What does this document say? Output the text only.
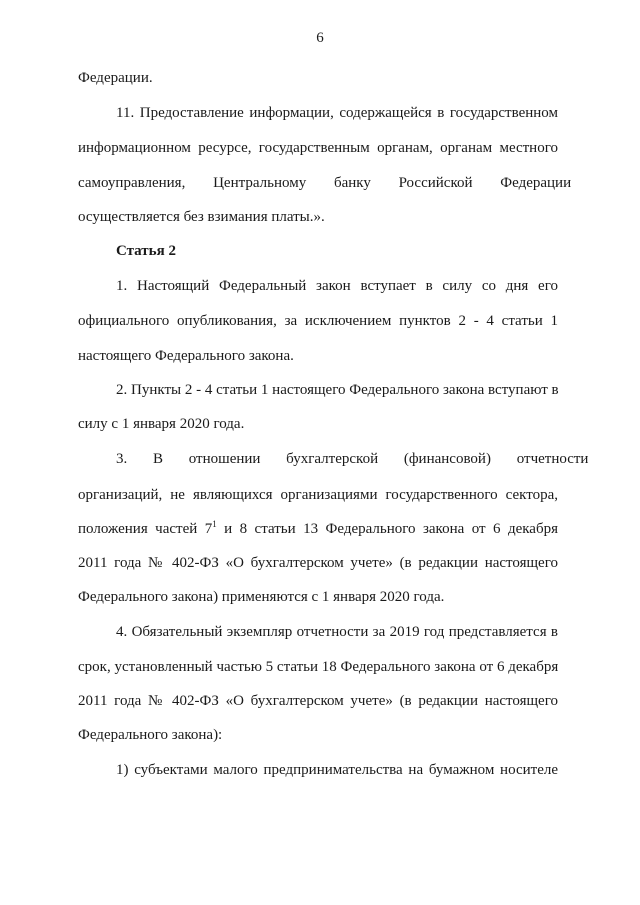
6
Федерации.
11. Предоставление информации, содержащейся в государственном
информационном ресурсе, государственным органам, органам местного
самоуправления, Центральному банку Российской Федерации
осуществляется без взимания платы.».
Статья 2
1. Настоящий Федеральный закон вступает в силу со дня его
официального опубликования, за исключением пунктов 2 - 4 статьи 1
настоящего Федерального закона.
2. Пункты 2 - 4 статьи 1 настоящего Федерального закона вступают в
силу с 1 января 2020 года.
3. В отношении бухгалтерской (финансовой) отчетности
организаций, не являющихся организациями государственного сектора,
положения частей $7^1$ и 8 статьи 13 Федерального закона от 6 декабря
2011 года № 402-ФЗ «О бухгалтерском учете» (в редакции настоящего
Федерального закона) применяются с 1 января 2020 года.
4. Обязательный экземпляр отчетности за 2019 год представляется в
срок, установленный частью 5 статьи 18 Федерального закона от 6 декабря
2011 года № 402-ФЗ «О бухгалтерском учете» (в редакции настоящего
Федерального закона):
1) субъектами малого предпринимательства на бумажном носителе
